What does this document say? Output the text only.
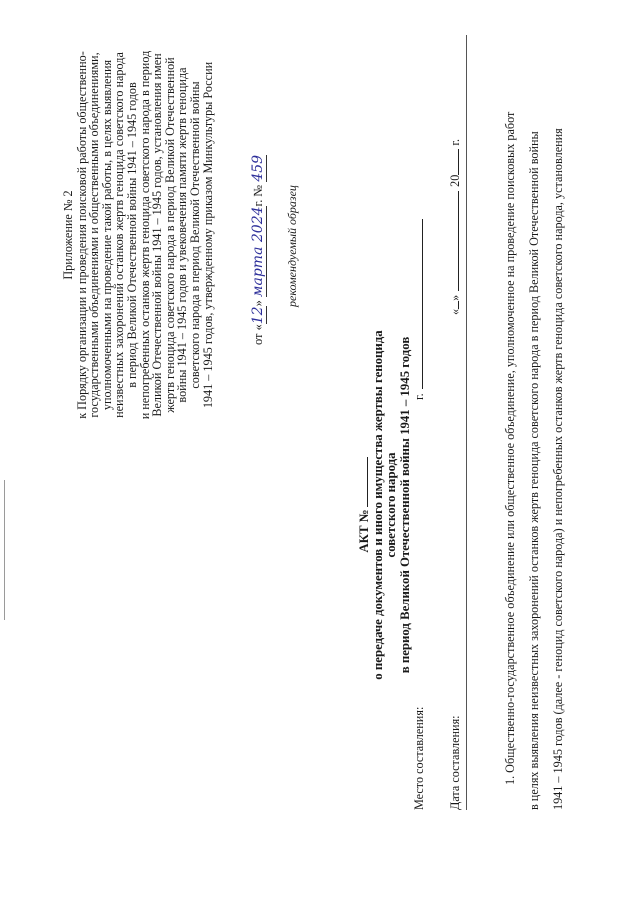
Приложение № 2 к Порядку организации и проведения поисковой работы общественно-
государственными объединениями и общественными объединениями,
уполномоченными на проведение такой работы, в целях выявления
неизвестных захоронений останков жертв геноцида советского народа
в период Великой Отечественной войны 1941 – 1945 годов
и непогребенных останков жертв геноцида советского народа в период
Великой Отечественной войны 1941 – 1945 годов, установления имен
жертв геноцида советского народа в период Великой Отечественной
войны 1941 – 1945 годов и увековечения памяти жертв геноцида
советского народа в период Великой Отечественной войны
1941 – 1945 годов, утвержденному приказом Минкультуры России	от «12» марта 2024г. № 459
рекомендуемый образец
АКТ № о передаче документов и иного имущества жертвы геноцида советского народа в период Великой Отечественной войны 1941 – 1945 годов
Место составления:
г.
Дата составления:
«»20 г.	1. Общественно-государственное объединение или общественное объединение, уполномоченное на проведение поисковых работ в целях выявления неизвестных захоронений останков жертв геноцида советского народа в период Великой Отечественной войны 1941 – 1945 годов (далее - геноцид советского народа) и непогребенных останков жертв геноцида советского народа, установления
